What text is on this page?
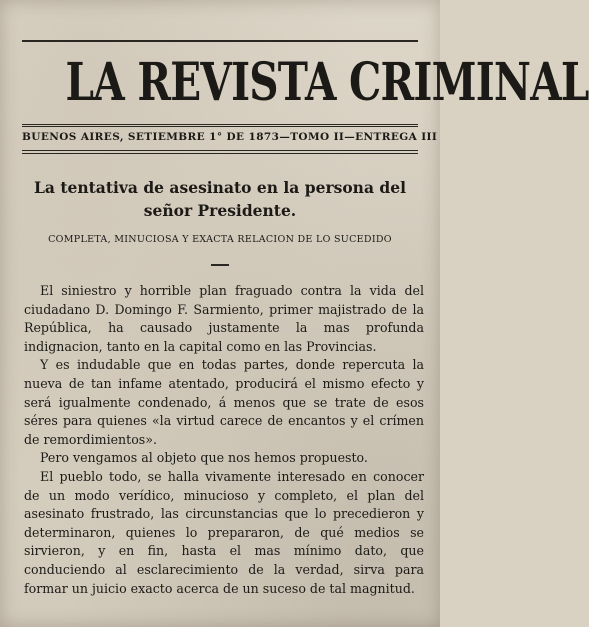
LA REVISTA CRIMINAL
BUENOS AIRES, SETIEMBRE 1° DE 1873—TOMO II—ENTREGA III
La tentativa de asesinato en la persona del señor Presidente.
COMPLETA, MINUCIOSA Y EXACTA RELACION DE LO SUCEDIDO

El siniestro y horrible plan fraguado contra la vida del ciudadano D. Domingo F. Sarmiento, primer majistrado de la República, ha causado justamente la mas profunda indignacion, tanto en la capital como en las Provincias.

Y es indudable que en todas partes, donde repercuta la nueva de tan infame atentado, producirá el mismo efecto y será igualmente condenado, á menos que se trate de esos séres para quienes «la virtud carece de encantos y el crímen de remordimientos».

Pero vengamos al objeto que nos hemos propuesto.

El pueblo todo, se halla vivamente interesado en conocer de un modo verídico, minucioso y completo, el plan del asesinato frustrado, las circunstancias que lo precedieron y determinaron, quienes lo prepararon, de qué medios se sirvieron, y en fin, hasta el mas mínimo dato, que conduciendo al esclarecimiento de la verdad, sirva para formar un juicio exacto acerca de un suceso de tal magnitud.
